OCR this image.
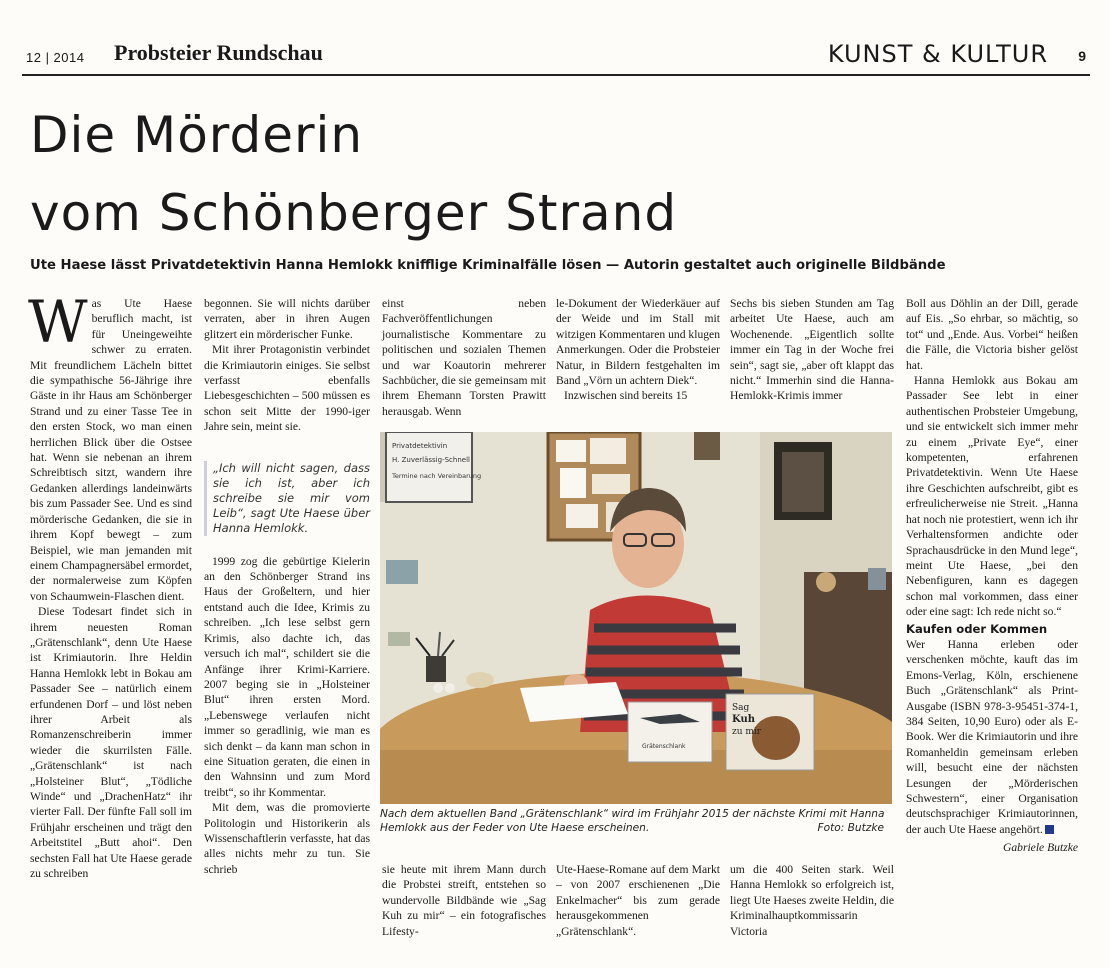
12 | 2014 Probsteier Rundschau	KUNST & KULTUR 9
Die Mörderin
vom Schönberger Strand
Ute Haese lässt Privatdetektivin Hanna Hemlokk knifflige Kriminalfälle lösen — Autorin gestaltet auch originelle Bildbände
W as Ute Haese beruflich macht, ist für Uneingeweihte schwer zu erraten. Mit freundlichem Lächeln bittet die sympathische 56-Jährige ihre Gäste in ihr Haus am Schönberger Strand und zu einer Tasse Tee in den ersten Stock, wo man einen herrlichen Blick über die Ostsee hat. Wenn sie nebenan an ihrem Schreibtisch sitzt, wandern ihre Gedanken allerdings landeinwärts bis zum Passader See. Und es sind mörderische Gedanken, die sie in ihrem Kopf bewegt – zum Beispiel, wie man jemanden mit einem Champagnersäbel ermordet, der normalerweise zum Köpfen von Schaumwein-Flaschen dient.

Diese Todesart findet sich in ihrem neuesten Roman „Grätenschlank“, denn Ute Haese ist Krimiautorin. Ihre Heldin Hanna Hemlokk lebt in Bokau am Passader See – natürlich einem erfundenen Dorf – und löst neben ihrer Arbeit als Romanzenschreiberin immer wieder die skurrilsten Fälle. „Grätenschlank“ ist nach „Holsteiner Blut“, „Tödliche Winde“ und „DrachenHatz“ ihr vierter Fall. Der fünfte Fall soll im Frühjahr erscheinen und trägt den Arbeitstitel „Butt ahoi“. Den sechsten Fall hat Ute Haese gerade zu schreiben

begonnen. Sie will nichts darüber verraten, aber in ihren Augen glitzert ein mörderischer Funke.

Mit ihrer Protagonistin verbindet die Krimiautorin einiges. Sie selbst verfasst ebenfalls Liebesgeschichten – 500 müssen es schon seit Mitte der 1990-iger Jahre sein, meint sie.

„Ich will nicht sagen, dass sie ich ist, aber ich schreibe sie mir vom Leib“, sagt Ute Haese über Hanna Hemlokk.

1999 zog die gebürtige Kielerin an den Schönberger Strand ins Haus der Großeltern, und hier entstand auch die Idee, Krimis zu schreiben. „Ich lese selbst gern Krimis, also dachte ich, das versuch ich mal“, schildert sie die Anfänge ihrer Krimi-Karriere. 2007 beging sie in „Holsteiner Blut“ ihren ersten Mord. „Lebenswege verlaufen nicht immer so geradlinig, wie man es sich denkt – da kann man schon in eine Situation geraten, die einen in den Wahnsinn und zum Mord treibt“, so ihr Kommentar.

Mit dem, was die promovierte Politologin und Historikerin als Wissenschaftlerin verfasste, hat das alles nichts mehr zu tun. Sie schrieb

einst neben Fachveröffentlichungen journalistische Kommentare zu politischen und sozialen Themen und war Koautorin mehrerer Sachbücher, die sie gemeinsam mit ihrem Ehemann Torsten Prawitt herausgab. Wenn

le-Dokument der Wiederkäuer auf der Weide und im Stall mit witzigen Kommentaren und klugen Anmerkungen. Oder die Probsteier Natur, in Bildern festgehalten im Band „Vörn un achtern Diek“.

Inzwischen sind bereits 15

Sechs bis sieben Stunden am Tag arbeitet Ute Haese, auch am Wochenende. „Eigentlich sollte immer ein Tag in der Woche frei sein“, sagt sie, „aber oft klappt das nicht.“ Immerhin sind die Hanna-Hemlokk-Krimis immer

Privatdetektivin
H. Zuverlässig-Schnell
Termine nach Vereinbarung
Grätenschlank
Sag
Kuh
zu mir
Nach dem aktuellen Band „Grätenschlank“ wird im Frühjahr 2015 der nächste Krimi mit Hanna Hemlokk aus der Feder von Ute Haese erscheinen.	Foto: Butzke

sie heute mit ihrem Mann durch die Probstei streift, entstehen so wundervolle Bildbände wie „Sag Kuh zu mir“ – ein fotografisches Lifesty-

Ute-Haese-Romane auf dem Markt – von 2007 erschienenen „Die Enkelmacher“ bis zum gerade herausgekommenen „Grätenschlank“.

um die 400 Seiten stark. Weil Hanna Hemlokk so erfolgreich ist, liegt Ute Haeses zweite Heldin, die Kriminalhauptkommissarin Victoria

Boll aus Döhlin an der Dill, gerade auf Eis. „So ehrbar, so mächtig, so tot“ und „Ende. Aus. Vorbei“ heißen die Fälle, die Victoria bisher gelöst hat.

Hanna Hemlokk aus Bokau am Passader See lebt in einer authentischen Probsteier Umgebung, und sie entwickelt sich immer mehr zu einem „Private Eye“, einer kompetenten, erfahrenen Privatdetektivin. Wenn Ute Haese ihre Geschichten aufschreibt, gibt es erfreulicherweise nie Streit. „Hanna hat noch nie protestiert, wenn ich ihr Verhaltensformen andichte oder Sprachausdrücke in den Mund lege“, meint Ute Haese, „bei den Nebenfiguren, kann es dagegen schon mal vorkommen, dass einer oder eine sagt: Ich rede nicht so.“

Kaufen oder Kommen

Wer Hanna erleben oder verschenken möchte, kauft das im Emons-Verlag, Köln, erschienene Buch „Grätenschlank“ als Print-Ausgabe (ISBN 978-3-95451-374-1, 384 Seiten, 10,90 Euro) oder als E-Book. Wer die Krimiautorin und ihre Romanheldin gemeinsam erleben will, besucht eine der nächsten Lesungen der „Mörderischen Schwestern“, einer Organisation deutschsprachiger Krimiautorinnen, der auch Ute Haese angehört.

Gabriele Butzke
